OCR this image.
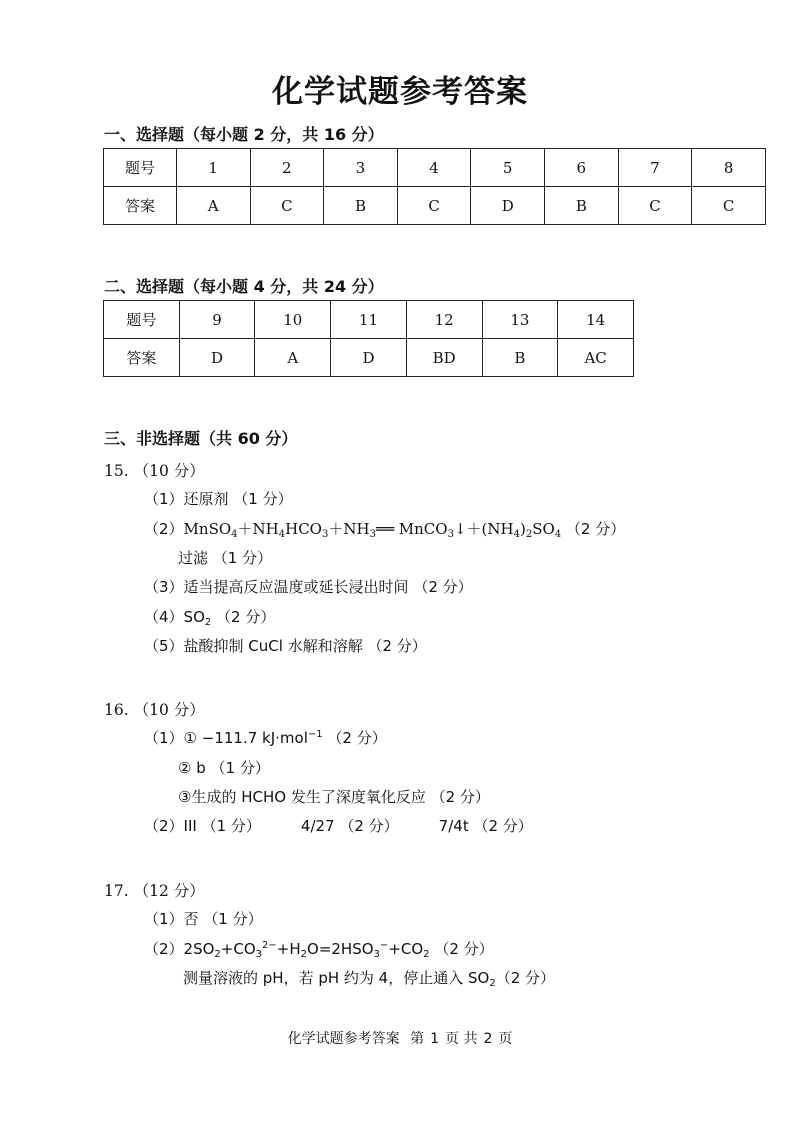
化学试题参考答案
一、选择题（每小题 2 分，共 16 分）
题号	1	2	3	4	5	6	7	8
答案	A	C	B	C	D	B	C	C
二、选择题（每小题 4 分，共 24 分）
题号	9	10	11	12	13	14
答案	D	A	D	BD	B	AC
三、非选择题（共 60 分）
15. （10 分）
（1）还原剂 （1 分）
$(2)MnSO_4+NH_4HCO_3+NH_3══$ $MnCO_3↓+(NH_4)_2SO_4$ （2 分）
过滤 （1 分）
（3）适当提高反应温度或延长浸出时间 （2 分）
$(4)SO_2$ （2 分）
（5）盐酸抑制 CuCl 水解和溶解 （2 分）
16. （10 分）
（1）① −111.7 kJ·mol$^{-1}$ （2 分）
② b （1 分）
③生成的 HCHO 发生了深度氧化反应 （2 分）
（2）III （1 分）	4/27 （2 分）	7/4t （2 分）
17. （12 分）
（1）否 （1 分）
$(2)2SO_2+CO_3^{2-}+H_2O=2HSO_3^-+CO_2$ （2 分）
测量溶液的 pH，若 pH 约为 4，停止通入 $SO_2(2$ 分）
化学试题参考答案 第 1 页 共 2 页
